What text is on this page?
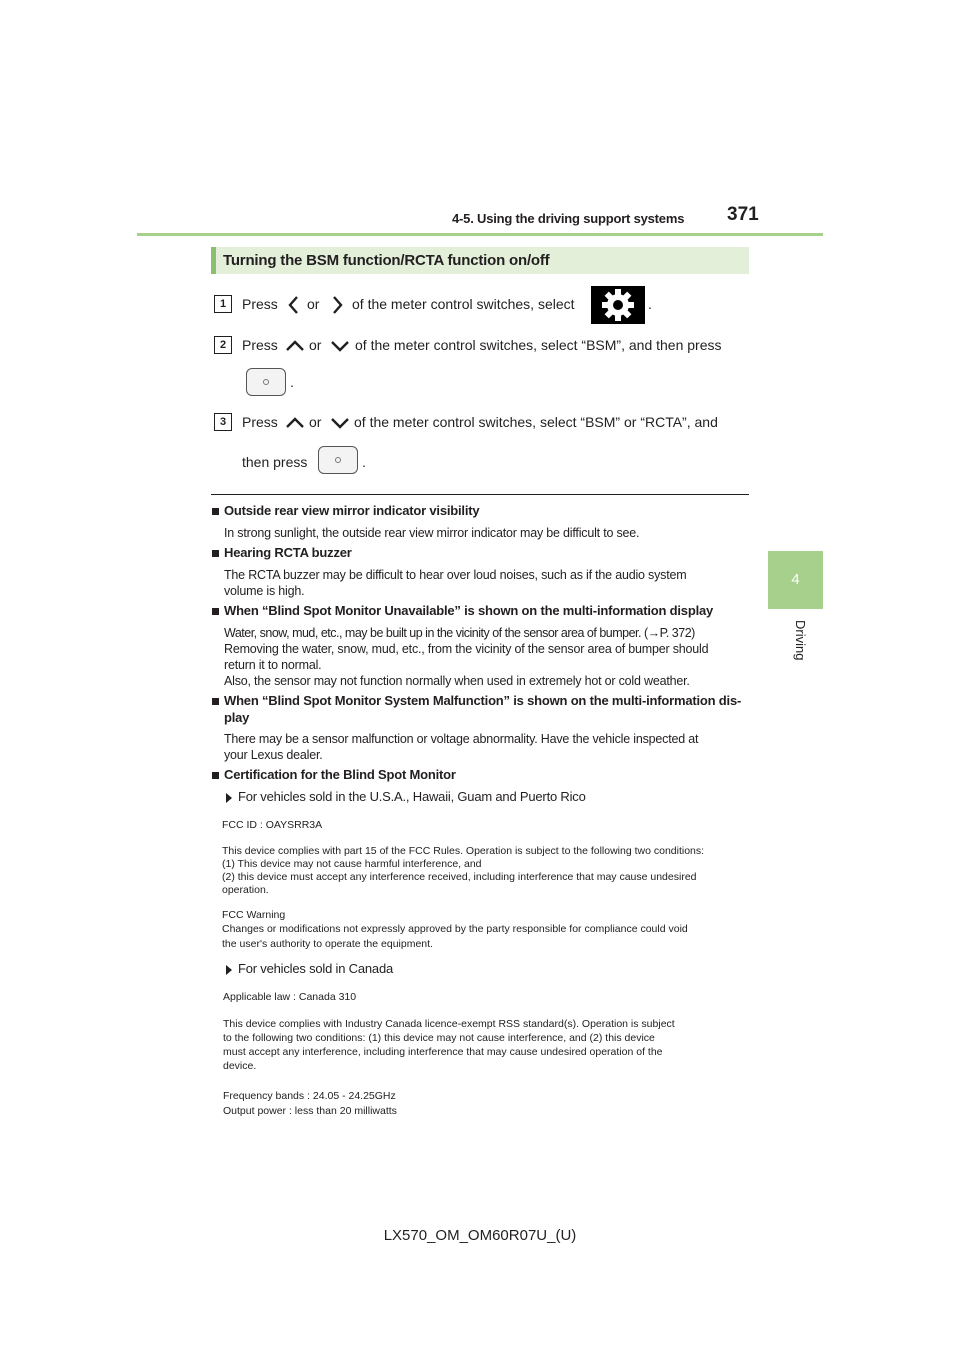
4-5. Using the driving support systems 371
4
Driving
Turning the BSM function/RCTA function on/off
1	Press or of the meter control switches, select	.
2	Press or of the meter control switches, select “BSM”, and then press
.
3	Press or of the meter control switches, select “BSM” or “RCTA”, and
then press	.
Outside rear view mirror indicator visibility
In strong sunlight, the outside rear view mirror indicator may be difficult to see.
Hearing RCTA buzzer
The RCTA buzzer may be difficult to hear over loud noises, such as if the audio system
volume is high.
When “Blind Spot Monitor Unavailable” is shown on the multi-information display
Water, snow, mud, etc., may be built up in the vicinity of the sensor area of bumper. (→P. 372)
Removing the water, snow, mud, etc., from the vicinity of the sensor area of bumper should
return it to normal.
Also, the sensor may not function normally when used in extremely hot or cold weather.
When “Blind Spot Monitor System Malfunction” is shown on the multi-information dis-
play
There may be a sensor malfunction or voltage abnormality. Have the vehicle inspected at
your Lexus dealer.
Certification for the Blind Spot Monitor
For vehicles sold in the U.S.A., Hawaii, Guam and Puerto Rico
FCC ID : OAYSRR3A
This device complies with part 15 of the FCC Rules. Operation is subject to the following two conditions:
(1) This device may not cause harmful interference, and
(2) this device must accept any interference received, including interference that may cause undesired
operation.
FCC Warning
Changes or modifications not expressly approved by the party responsible for compliance could void
the user's authority to operate the equipment.
For vehicles sold in Canada
Applicable law : Canada 310
This device complies with Industry Canada licence-exempt RSS standard(s). Operation is subject
to the following two conditions: (1) this device may not cause interference, and (2) this device
must accept any interference, including interference that may cause undesired operation of the
device.
Frequency bands : 24.05 - 24.25GHz
Output power : less than 20 milliwatts
LX570_OM_OM60R07U_(U)
